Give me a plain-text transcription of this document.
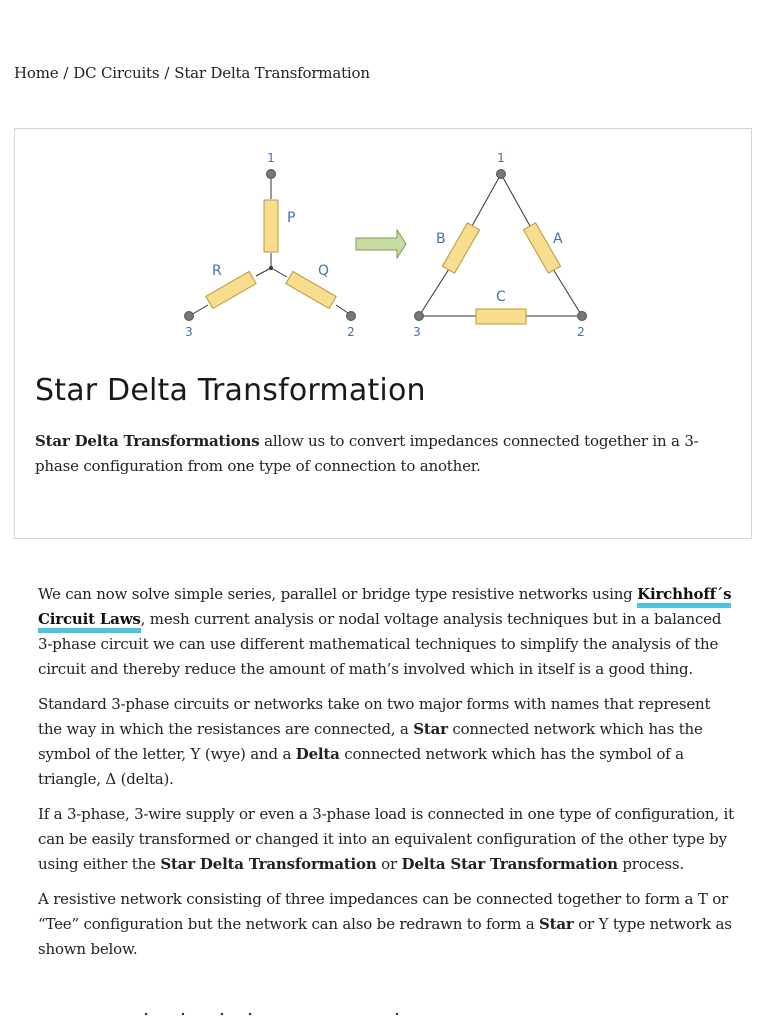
Home / DC Circuits / Star Delta Transformation
1
3	2
P
R	Q
1
3	2
B	A
C
Star Delta Transformation

Star Delta Transformations allow us to convert impedances connected together in a 3-phase configuration from one type of connection to another.

We can now solve simple series, parallel or bridge type resistive networks using Kirchhoff´s Circuit Laws, mesh current analysis or nodal voltage analysis techniques but in a balanced 3-phase circuit we can use different mathematical techniques to simplify the analysis of the circuit and thereby reduce the amount of math’s involved which in itself is a good thing.

Standard 3-phase circuits or networks take on two major forms with names that represent the way in which the resistances are connected, a Star connected network which has the symbol of the letter, Υ (wye) and a Delta connected network which has the symbol of a triangle, Δ (delta).

If a 3-phase, 3-wire supply or even a 3-phase load is connected in one type of configuration, it can be easily transformed or changed it into an equivalent configuration of the other type by using either the Star Delta Transformation or Delta Star Transformation process.

A resistive network consisting of three impedances can be connected together to form a T or “Tee” configuration but the network can also be redrawn to form a Star or Υ type network as shown below.
